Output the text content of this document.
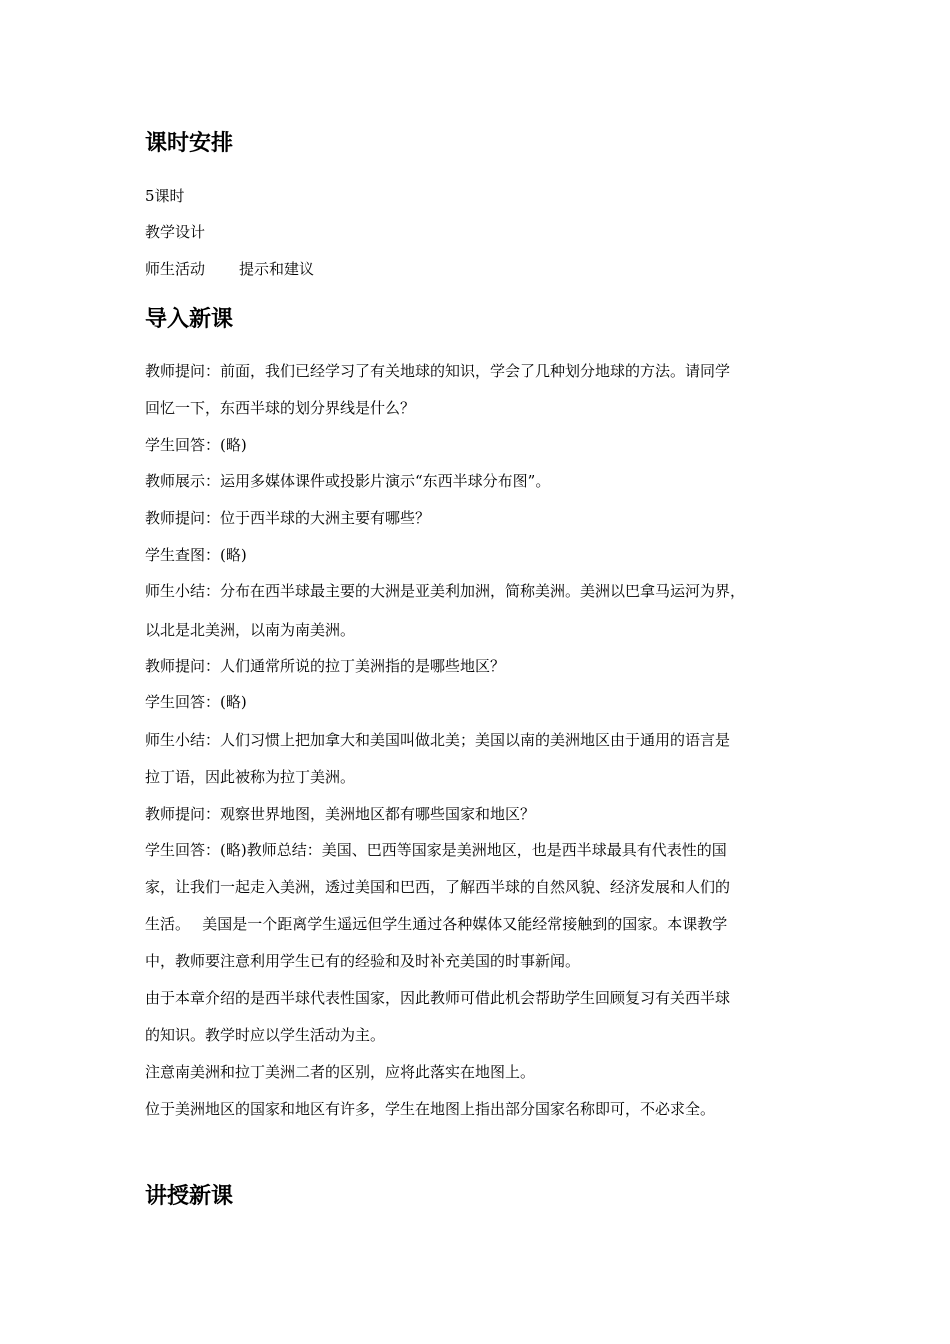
课时安排
5课时
教学设计
师生活动 提示和建议
导入新课
教师提问：前面，我们已经学习了有关地球的知识，学会了几种划分地球的方法。请同学
回忆一下，东西半球的划分界线是什么？
学生回答：(略)
教师展示：运用多媒体课件或投影片演示“东西半球分布图”。
教师提问：位于西半球的大洲主要有哪些？
学生查图：(略)
师生小结：分布在西半球最主要的大洲是亚美利加洲，简称美洲。美洲以巴拿马运河为界，
以北是北美洲，以南为南美洲。
教师提问：人们通常所说的拉丁美洲指的是哪些地区？
学生回答：(略)
师生小结：人们习惯上把加拿大和美国叫做北美；美国以南的美洲地区由于通用的语言是
拉丁语，因此被称为拉丁美洲。
教师提问：观察世界地图，美洲地区都有哪些国家和地区？
学生回答：(略)教师总结：美国、巴西等国家是美洲地区，也是西半球最具有代表性的国
家，让我们一起走入美洲，透过美国和巴西，了解西半球的自然风貌、经济发展和人们的
生活。　 美国是一个距离学生遥远但学生通过各种媒体又能经常接触到的国家。本课教学
中，教师要注意利用学生已有的经验和及时补充美国的时事新闻。
由于本章介绍的是西半球代表性国家，因此教师可借此机会帮助学生回顾复习有关西半球
的知识。教学时应以学生活动为主。
注意南美洲和拉丁美洲二者的区别，应将此落实在地图上。
位于美洲地区的国家和地区有许多，学生在地图上指出部分国家名称即可，不必求全。
讲授新课
